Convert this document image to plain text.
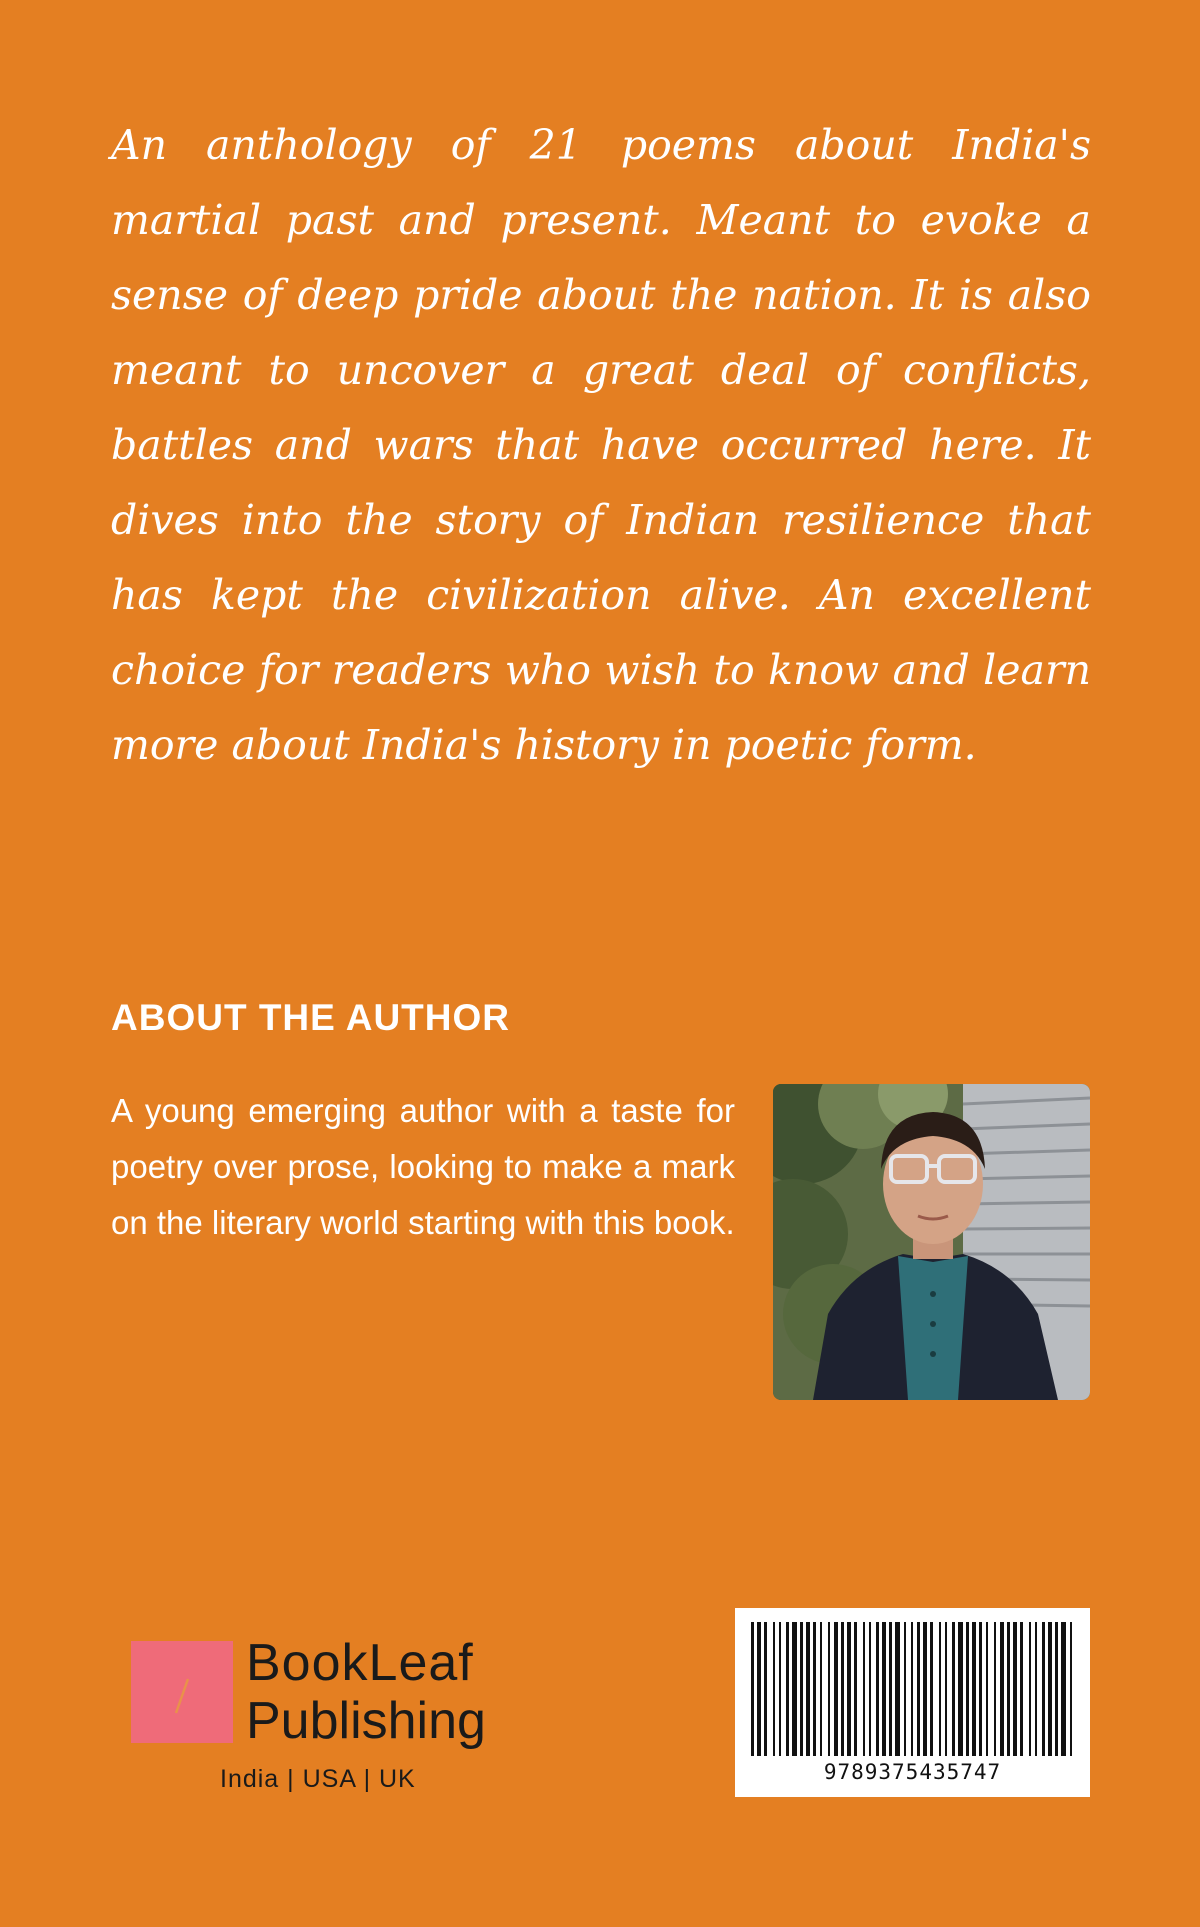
An anthology of 21 poems about India's martial past and present. Meant to evoke a sense of deep pride about the nation. It is also meant to uncover a great deal of conflicts, battles and wars that have occurred here. It dives into the story of Indian resilience that has kept the civilization alive. An excellent choice for readers who wish to know and learn more about India's history in poetic form.

ABOUT THE AUTHOR

A young emerging author with a taste for poetry over prose, looking to make a mark on the literary world starting with this book.

BookLeaf
Publishing
India | USA | UK	9789375435747
